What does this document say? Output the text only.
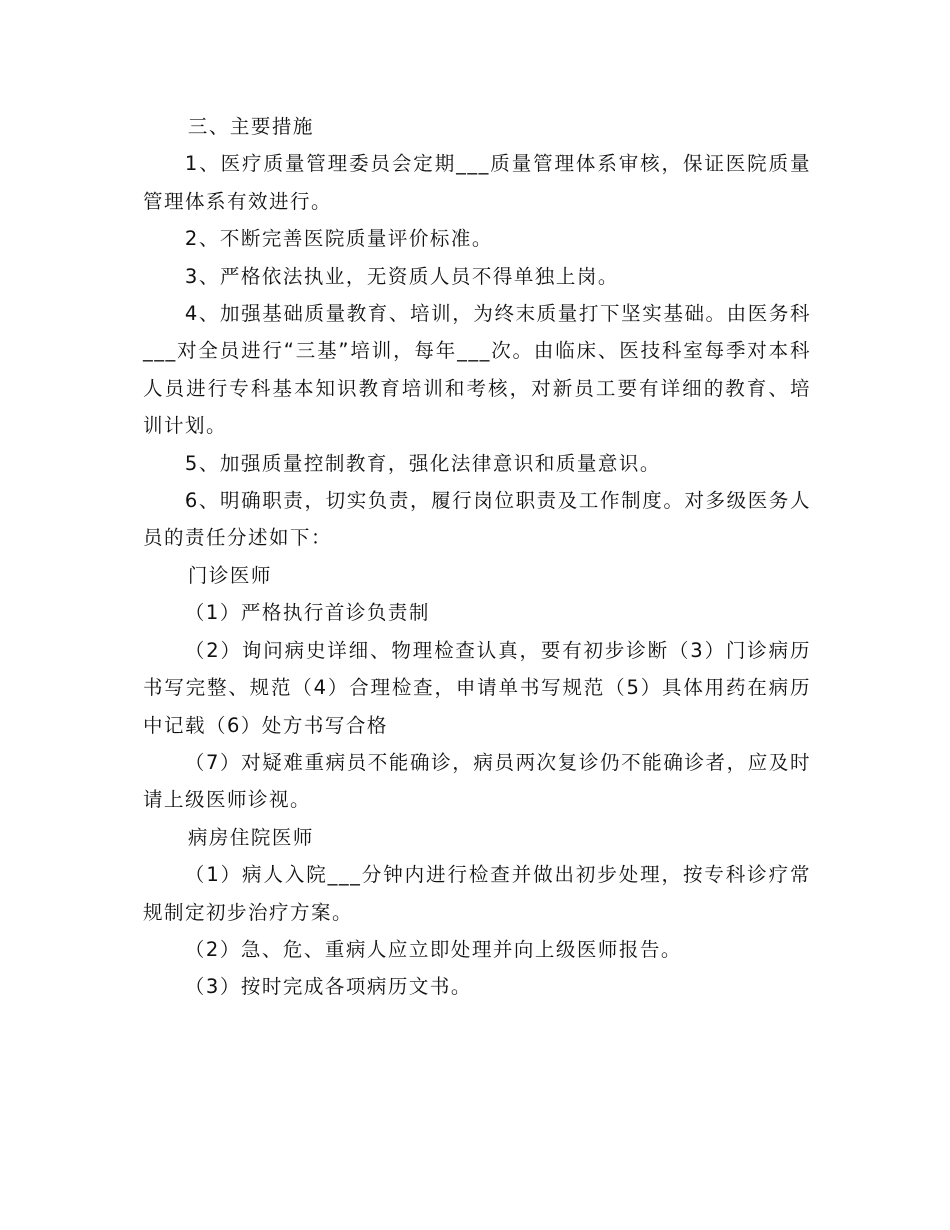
三、主要措施

1、医疗质量管理委员会定期___质量管理体系审核，保证医院质量管理体系有效进行。

2、不断完善医院质量评价标准。

3、严格依法执业，无资质人员不得单独上岗。

4、加强基础质量教育、培训，为终末质量打下坚实基础。由医务科___对全员进行“三基”培训，每年___次。由临床、医技科室每季对本科人员进行专科基本知识教育培训和考核，对新员工要有详细的教育、培训计划。

5、加强质量控制教育，强化法律意识和质量意识。

6、明确职责，切实负责，履行岗位职责及工作制度。对多级医务人员的责任分述如下：

门诊医师

（1）严格执行首诊负责制

（2）询问病史详细、物理检查认真，要有初步诊断（3）门诊病历书写完整、规范（4）合理检查，申请单书写规范（5）具体用药在病历中记载（6）处方书写合格

（7）对疑难重病员不能确诊，病员两次复诊仍不能确诊者，应及时请上级医师诊视。

病房住院医师

（1）病人入院___分钟内进行检查并做出初步处理，按专科诊疗常规制定初步治疗方案。

（2）急、危、重病人应立即处理并向上级医师报告。

（3）按时完成各项病历文书。
